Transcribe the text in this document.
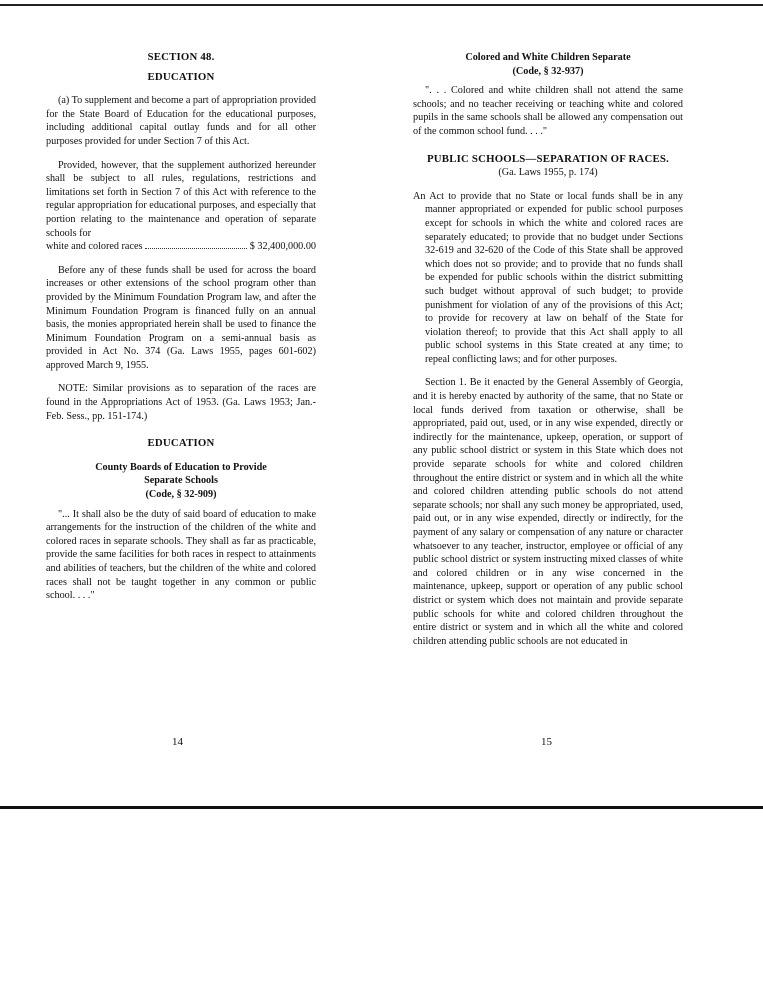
SECTION 48.
EDUCATION

(a) To supplement and become a part of appropriation provided for the State Board of Education for the educational purposes, including additional capital outlay funds and for all other purposes provided for under Section 7 of this Act.

Provided, however, that the supplement authorized hereunder shall be subject to all rules, regulations, restrictions and limitations set forth in Section 7 of this Act with reference to the regular appropriation for educational purposes, and especially that portion relating to the maintenance and operation of separate schools for

white and colored races	$ 32,400,000.00

Before any of these funds shall be used for across the board increases or other extensions of the school program other than provided by the Minimum Foundation Program law, and after the Minimum Foundation Program is financed fully on an annual basis, the monies appropriated herein shall be used to finance the Minimum Foundation Program on a semi-annual basis as provided in Act No. 374 (Ga. Laws 1955, pages 601-602) approved March 9, 1955.

NOTE: Similar provisions as to separation of the races are found in the Appropriations Act of 1953. (Ga. Laws 1953; Jan.-Feb. Sess., pp. 151-174.)

EDUCATION
County Boards of Education to Provide
Separate Schools
(Code, § 32-909)

"... It shall also be the duty of said board of education to make arrangements for the instruction of the children of the white and colored races in separate schools. They shall as far as practicable, provide the same facilities for both races in respect to attainments and abilities of teachers, but the children of the white and colored races shall not be taught together in any common or public school. . . ."

Colored and White Children Separate
(Code, § 32-937)

". . . Colored and white children shall not attend the same schools; and no teacher receiving or teaching white and colored pupils in the same schools shall be allowed any compensation out of the common school fund. . . ."

PUBLIC SCHOOLS—SEPARATION OF RACES.
(Ga. Laws 1955, p. 174)

An Act to provide that no State or local funds shall be in any manner appropriated or expended for public school purposes except for schools in which the white and colored races are separately educated; to provide that no budget under Sections 32-619 and 32-620 of the Code of this State shall be approved which does not so provide; and to provide that no funds shall be expended for public schools within the district submitting such budget without approval of such budget; to provide punishment for violation of any of the provisions of this Act; to provide for recovery at law on behalf of the State for violation thereof; to provide that this Act shall apply to all public school systems in this State created at any time; to repeal conflicting laws; and for other purposes.

Section 1. Be it enacted by the General Assembly of Georgia, and it is hereby enacted by authority of the same, that no State or local funds derived from taxation or otherwise, shall be appropriated, paid out, used, or in any wise expended, directly or indirectly for the maintenance, upkeep, operation, or support of any public school district or system in this State which does not provide separate schools for white and colored children throughout the entire district or system and in which all the white and colored children attending public schools do not attend separate schools; nor shall any such money be appropriated, used, paid out, or in any wise expended, directly or indirectly, for the payment of any salary or compensation of any nature or character whatsoever to any teacher, instructor, employee or official of any public school district or system instructing mixed classes of white and colored children or in any wise concerned in the maintenance, upkeep, support or operation of any public school district or system which does not maintain and provide separate public schools for white and colored children throughout the entire district or system and in which all the white and colored children attending public schools are not educated in

14	15
